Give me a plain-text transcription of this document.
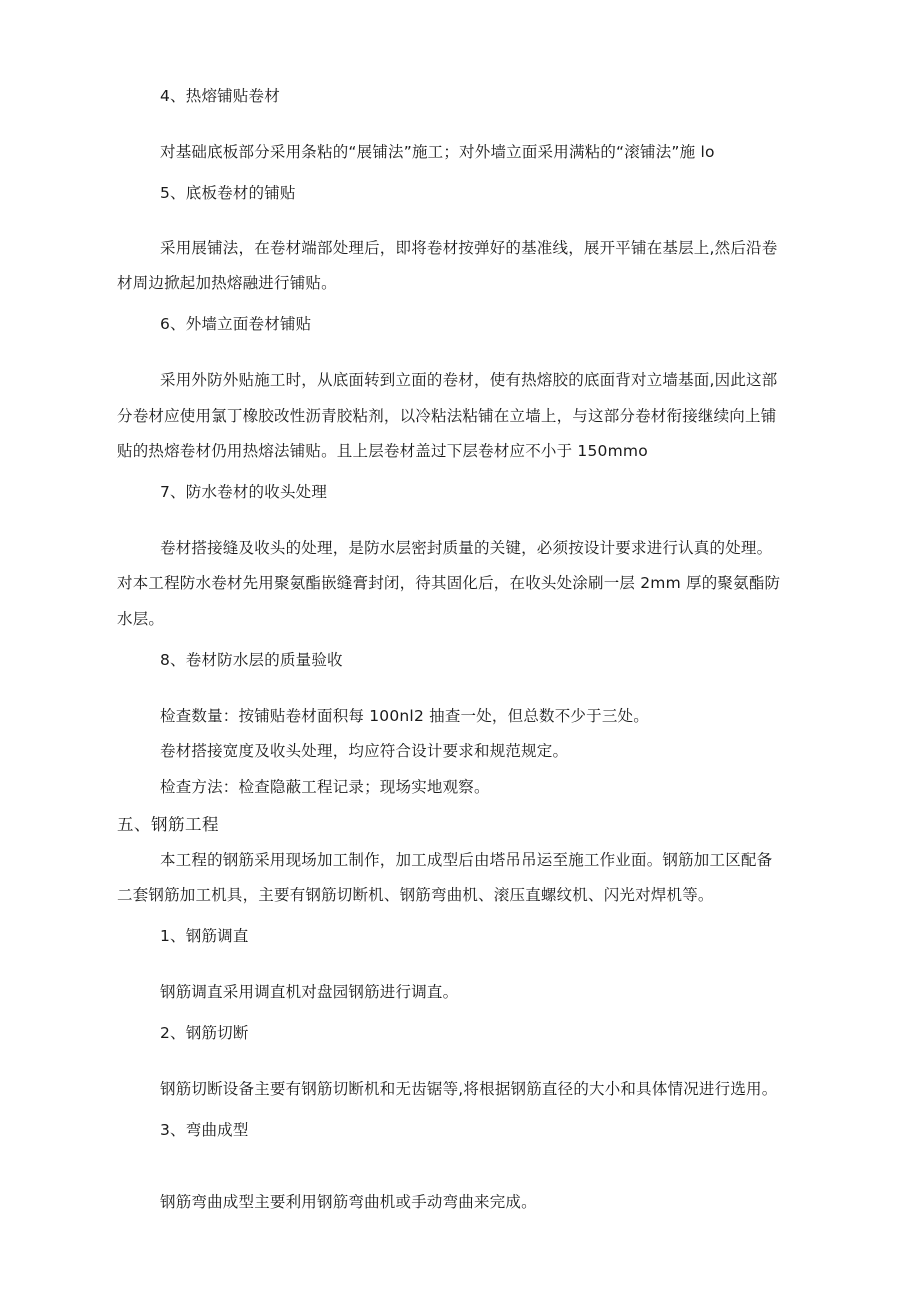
4、热熔铺贴卷材
对基础底板部分采用条粘的“展铺法”施工；对外墙立面采用满粘的“滚铺法”施 lo
5、底板卷材的铺贴
采用展铺法，在卷材端部处理后，即将卷材按弹好的基准线，展开平铺在基层上,然后沿卷
材周边掀起加热熔融进行铺贴。
6、外墙立面卷材铺贴
采用外防外贴施工时，从底面转到立面的卷材，使有热熔胶的底面背对立墙基面,因此这部
分卷材应使用氯丁橡胶改性沥青胶粘剂，以冷粘法粘铺在立墙上，与这部分卷材衔接继续向上铺
贴的热熔卷材仍用热熔法铺贴。且上层卷材盖过下层卷材应不小于 150mmo
7、防水卷材的收头处理
卷材搭接缝及收头的处理，是防水层密封质量的关键，必须按设计要求进行认真的处理。
对本工程防水卷材先用聚氨酯嵌缝膏封闭，待其固化后，在收头处涂刷一层 2mm 厚的聚氨酯防
水层。
8、卷材防水层的质量验收
检查数量：按铺贴卷材面积每 100nl2 抽查一处，但总数不少于三处。
卷材搭接宽度及收头处理，均应符合设计要求和规范规定。
检查方法：检查隐蔽工程记录；现场实地观察。
五、钢筋工程
本工程的钢筋采用现场加工制作，加工成型后由塔吊吊运至施工作业面。钢筋加工区配备
二套钢筋加工机具，主要有钢筋切断机、钢筋弯曲机、滚压直螺纹机、闪光对焊机等。
1、钢筋调直
钢筋调直采用调直机对盘园钢筋进行调直。
2、钢筋切断
钢筋切断设备主要有钢筋切断机和无齿锯等,将根据钢筋直径的大小和具体情况进行选用。
3、弯曲成型
钢筋弯曲成型主要利用钢筋弯曲机或手动弯曲来完成。
